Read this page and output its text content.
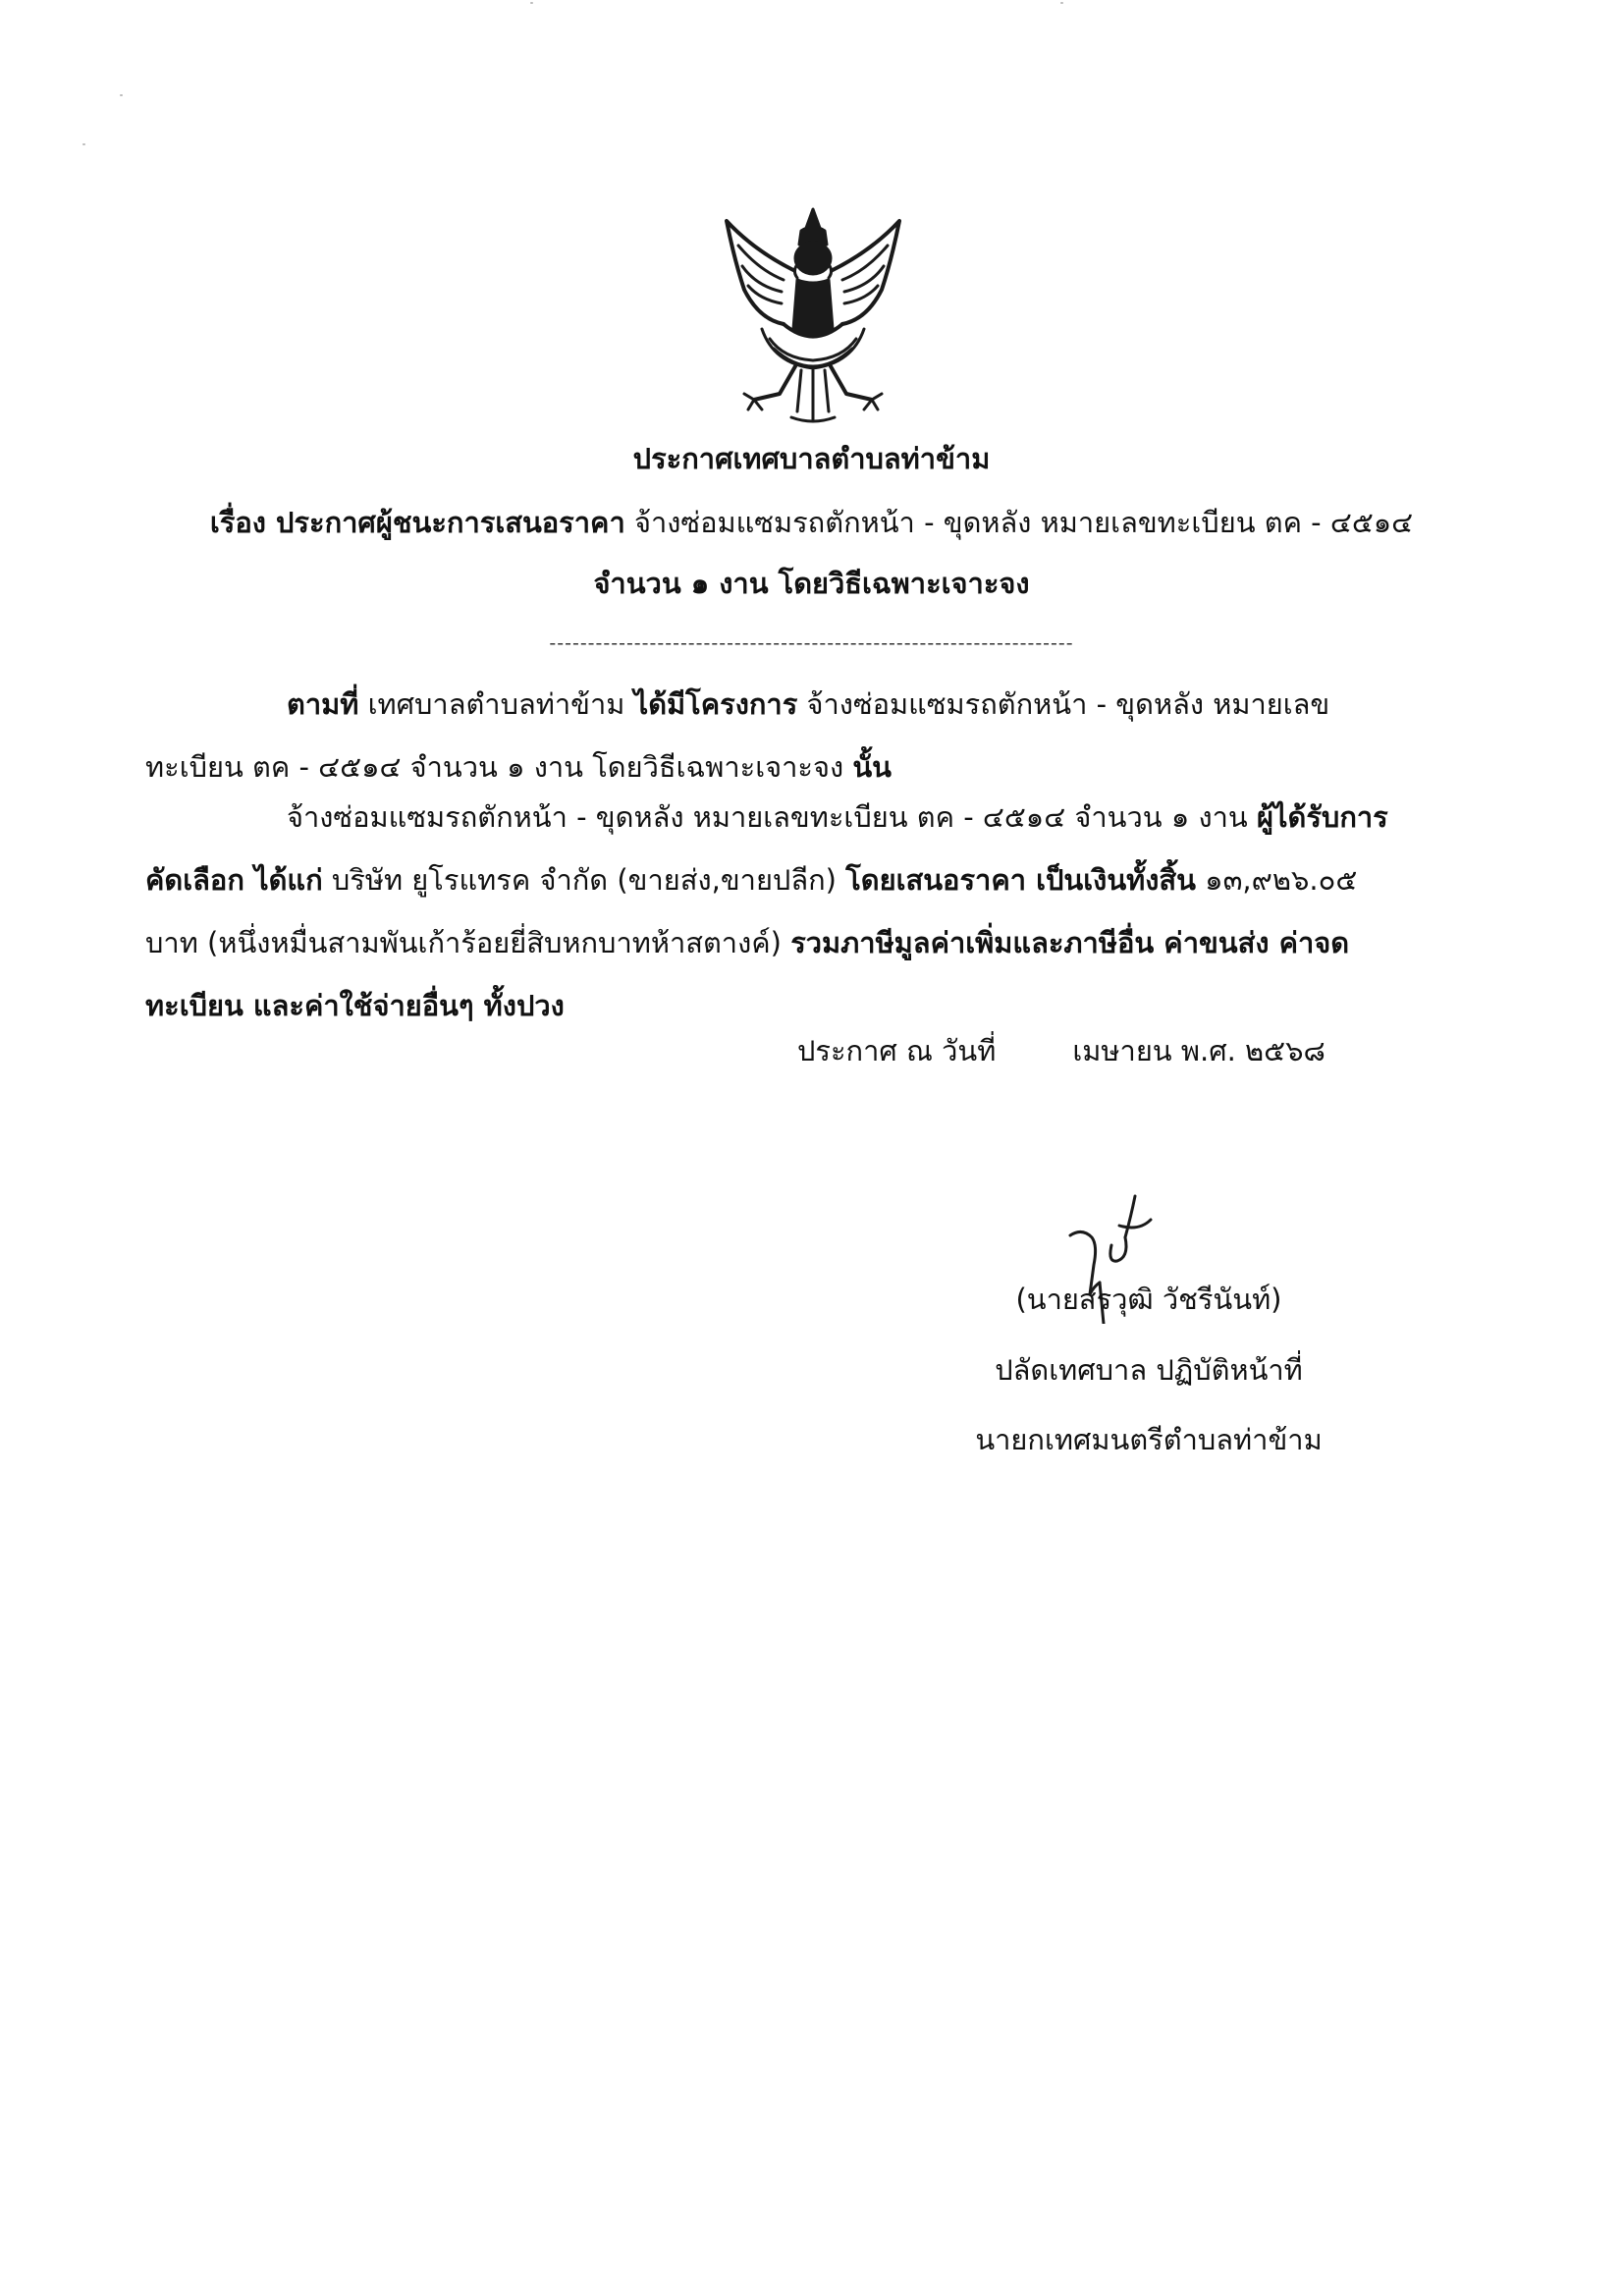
ประกาศเทศบาลตำบลท่าข้าม
เรื่อง ประกาศผู้ชนะการเสนอราคา จ้างซ่อมแซมรถตักหน้า - ขุดหลัง หมายเลขทะเบียน ตค - ๔๕๑๔
จำนวน ๑ งาน โดยวิธีเฉพาะเจาะจง
--------------------------------------------------------------------
ตามที่ เทศบาลตำบลท่าข้าม ได้มีโครงการ จ้างซ่อมแซมรถตักหน้า - ขุดหลัง หมายเลขทะเบียน ตค - ๔๕๑๔ จำนวน ๑ งาน โดยวิธีเฉพาะเจาะจง นั้น
จ้างซ่อมแซมรถตักหน้า - ขุดหลัง หมายเลขทะเบียน ตค - ๔๕๑๔ จำนวน ๑ งาน ผู้ได้รับการคัดเลือก ได้แก่ บริษัท ยูโรแทรค จำกัด (ขายส่ง,ขายปลีก) โดยเสนอราคา เป็นเงินทั้งสิ้น ๑๓,๙๒๖.๐๕ บาท (หนึ่งหมื่นสามพันเก้าร้อยยี่สิบหกบาทห้าสตางค์) รวมภาษีมูลค่าเพิ่มและภาษีอื่น ค่าขนส่ง ค่าจดทะเบียน และค่าใช้จ่ายอื่นๆ ทั้งปวง
ประกาศ ณ วันที่	เมษายน พ.ศ. ๒๕๖๘
(นายสรวุฒิ วัชรีนันท์)
ปลัดเทศบาล ปฏิบัติหน้าที่
นายกเทศมนตรีตำบลท่าข้าม
